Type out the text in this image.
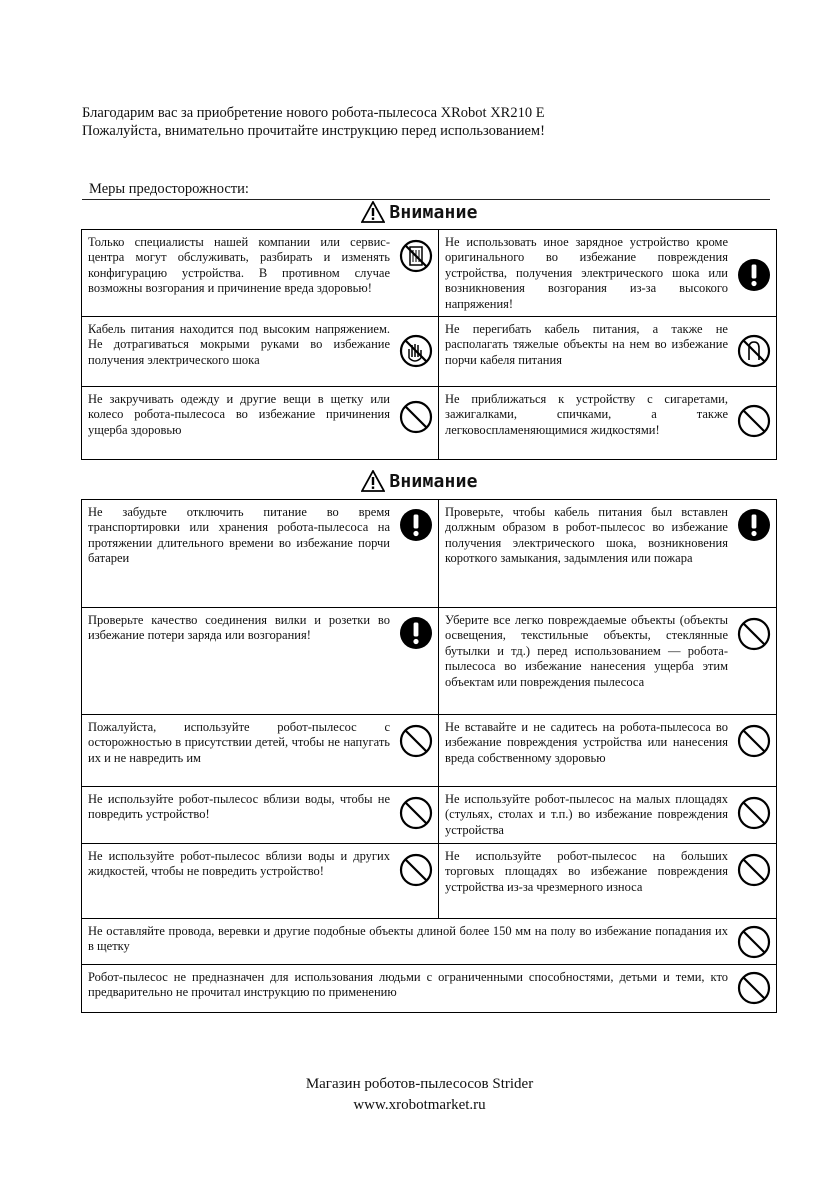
Благодарим вас за приобретение нового робота-пылесоса XRobot XR210 E
Пожалуйста, внимательно прочитайте инструкцию перед использованием!
Меры предосторожности:
Внимание
Только специалисты нашей компании или сервис-центра могут обслуживать, разбирать и изменять конфигурацию устройства. В противном случае возможны возгорания и причинение вреда здоровью!	Не использовать иное зарядное устройство кроме оригинального во избежание повреждения устройства, получения электрического шока или возникновения возгорания из-за высокого напряжения!

Кабель питания находится под высоким напряжением. Не дотрагиваться мокрыми руками во избежание получения электрического шока	Не перегибать кабель питания, а также не располагать тяжелые объекты на нем во избежание порчи кабеля питания

Не закручивать одежду и другие вещи в щетку или колесо робота-пылесоса во избежание причинения ущерба здоровью	Не приближаться к устройству с сигаретами, зажигалками, спичками, а также легковоспламеняющимися жидкостями!
Внимание
Не забудьте отключить питание во время транспортировки или хранения робота-пылесоса на протяжении длительного времени во избежание порчи батареи	Проверьте, чтобы кабель питания был вставлен должным образом в робот-пылесос во избежание получения электрического шока, возникновения короткого замыкания, задымления или пожара

Проверьте качество соединения вилки и розетки во избежание потери заряда или возгорания!	Уберите все легко повреждаемые объекты (объекты освещения, текстильные объекты, стеклянные бутылки и тд.) перед использованием — робота-пылесоса во избежание нанесения ущерба этим объектам или повреждения пылесоса

Пожалуйста, используйте робот-пылесос с осторожностью в присутствии детей, чтобы не напугать их и не навредить им	Не вставайте и не садитесь на робота-пылесоса во избежание повреждения устройства или нанесения вреда собственному здоровью

Не используйте робот-пылесос вблизи воды, чтобы не повредить устройство!	Не используйте робот-пылесос на малых площадях (стульях, столах и т.п.) во избежание повреждения устройства

Не используйте робот-пылесос вблизи воды и других жидкостей, чтобы не повредить устройство!	Не используйте робот-пылесос на больших торговых площадях во избежание повреждения устройства из-за чрезмерного износа

Не оставляйте провода, веревки и другие подобные объекты длиной более 150 мм на полу во избежание попадания их в щетку	

Робот-пылесос не предназначен для использования людьми с ограниченными способностями, детьми и теми, кто предварительно не прочитал инструкцию по применению	
Магазин роботов-пылесосов Strider
www.xrobotmarket.ru
